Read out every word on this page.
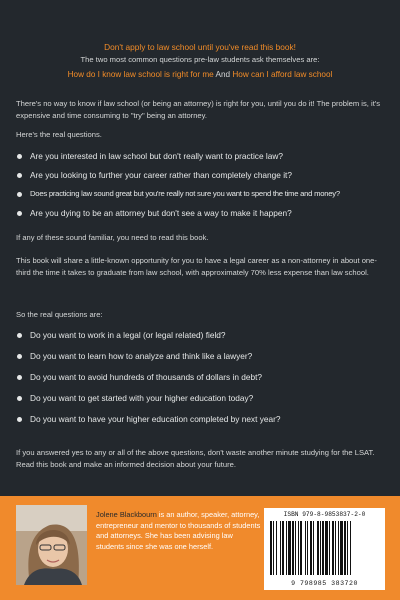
Don't apply to law school until you've read this book!
The two most common questions pre-law students ask themselves are:
How do I know law school is right for me And How can I afford law school
There's no way to know if law school (or being an attorney) is right for you, until you do it! The problem is, it's expensive and time consuming to "try" being an attorney.
Here's the real questions.
Are you interested in law school but don't really want to practice law?
Are you looking to further your career rather than completely change it?
Does practicing law sound great but you're really not sure you want to spend the time and money?
Are you dying to be an attorney but don't see a way to make it happen?
If any of these sound familiar, you need to read this book.
This book will share a little-known opportunity for you to have a legal career as a non-attorney in about one-third the time it takes to graduate from law school, with approximately 70% less expense than law school.
So the real questions are:
Do you want to work in a legal (or legal related) field?
Do you want to learn how to analyze and think like a lawyer?
Do you want to avoid hundreds of thousands of dollars in debt?
Do you want to get started with your higher education today?
Do you want to have your higher education completed by next year?
If you answered yes to any or all of the above questions, don't waste another minute studying for the LSAT. Read this book and make an informed decision about your future.
Jolene Blackbourn is an author, speaker, attorney, entrepreneur and mentor to thousands of students and attorneys. She has been advising law students since she was one herself.
ISBN 979-8-9853837-2-0
9 798985 383720
